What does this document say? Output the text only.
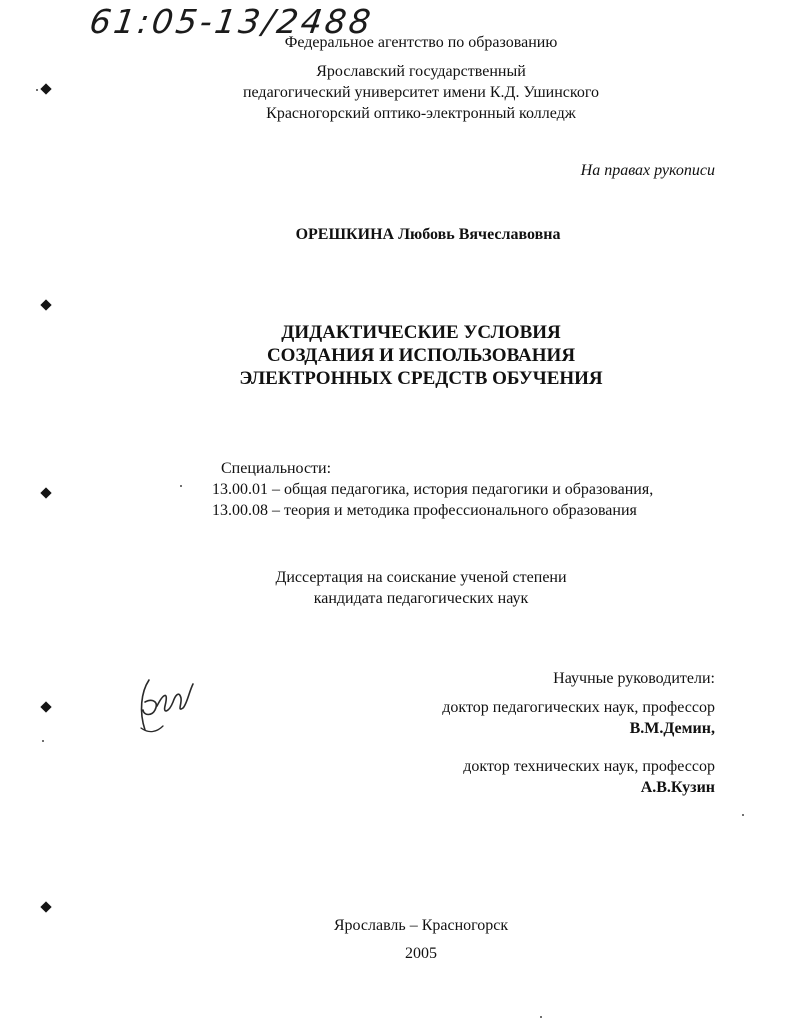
61:05-13/2488
Федеральное агентство по образованию
Ярославский государственный
педагогический университет имени К.Д. Ушинского
Красногорский оптико-электронный колледж
На правах рукописи
ОРЕШКИНА Любовь Вячеславовна
ДИДАКТИЧЕСКИЕ УСЛОВИЯ
СОЗДАНИЯ И ИСПОЛЬЗОВАНИЯ
ЭЛЕКТРОННЫХ СРЕДСТВ ОБУЧЕНИЯ
Специальности:
13.00.01 – общая педагогика, история педагогики и образования,
13.00.08 – теория и методика профессионального образования
Диссертация на соискание ученой степени
кандидата педагогических наук
Научные руководители:
доктор педагогических наук, профессор
В.М.Демин,
доктор технических наук, профессор
А.В.Кузин
Ярославль – Красногорск
2005
